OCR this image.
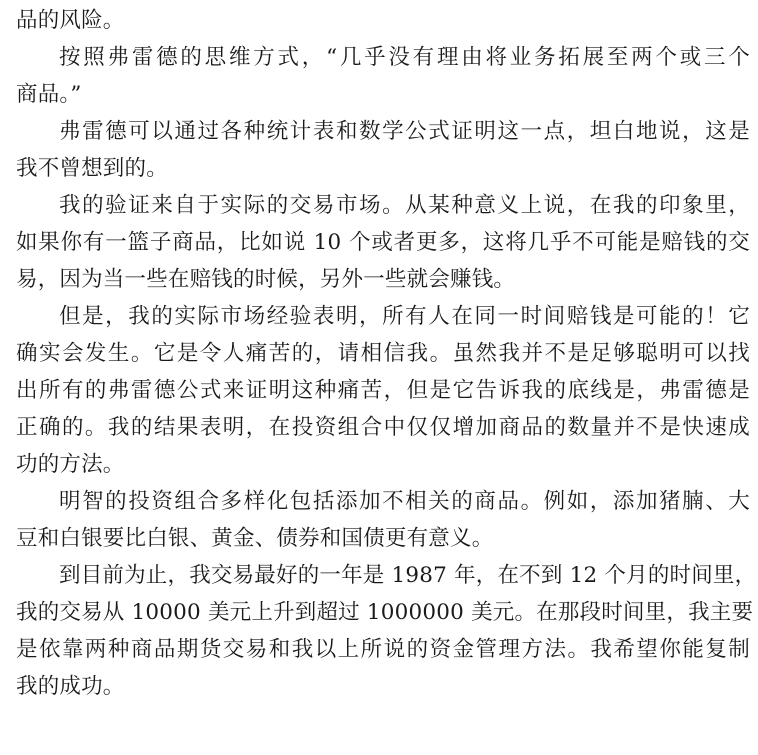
品的风险。
按照弗雷德的思维方式，“几乎没有理由将业务拓展至两个或三个
商品。”
弗雷德可以通过各种统计表和数学公式证明这一点，坦白地说，这是
我不曾想到的。
我的验证来自于实际的交易市场。从某种意义上说，在我的印象里，
如果你有一篮子商品，比如说 10 个或者更多，这将几乎不可能是赔钱的交
易，因为当一些在赔钱的时候，另外一些就会赚钱。
但是，我的实际市场经验表明，所有人在同一时间赔钱是可能的！它
确实会发生。它是令人痛苦的，请相信我。虽然我并不是足够聪明可以找
出所有的弗雷德公式来证明这种痛苦，但是它告诉我的底线是，弗雷德是
正确的。我的结果表明，在投资组合中仅仅增加商品的数量并不是快速成
功的方法。
明智的投资组合多样化包括添加不相关的商品。例如，添加猪腩、大
豆和白银要比白银、黄金、债券和国债更有意义。
到目前为止，我交易最好的一年是 1987 年，在不到 12 个月的时间里，
我的交易从 10000 美元上升到超过 1000000 美元。在那段时间里，我主要
是依靠两种商品期货交易和我以上所说的资金管理方法。我希望你能复制
我的成功。
